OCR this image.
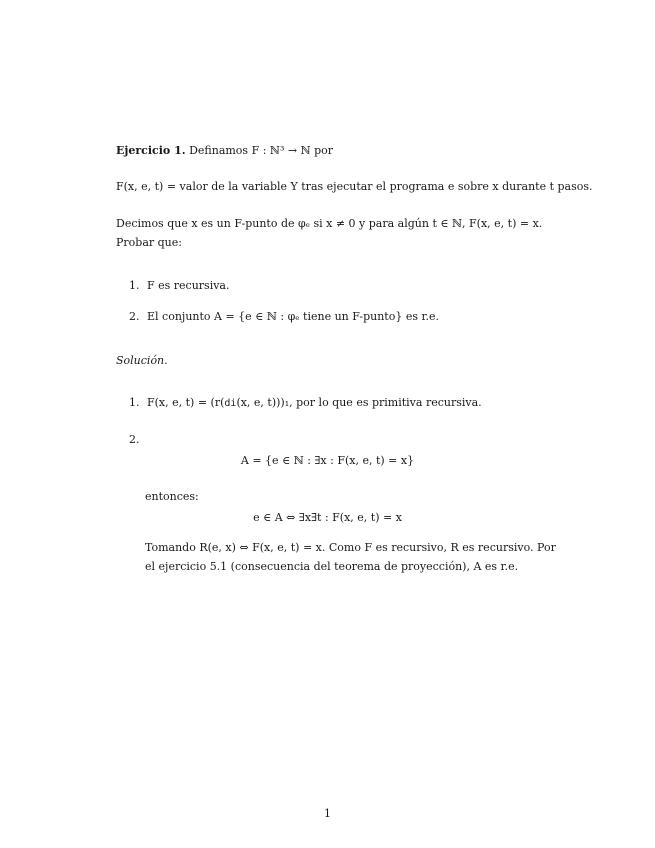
Ejercicio 1. Definamos F : ℕ³ → ℕ por
F(x, e, t) = valor de la variable Y tras ejecutar el programa e sobre x durante t pasos.
Decimos que x es un F-punto de φₑ si x ≠ 0 y para algún t ∈ ℕ, F(x, e, t) = x.
Probar que:
1. F es recursiva.
2. El conjunto A = {e ∈ ℕ : φₑ tiene un F-punto} es r.e.
Solución.
1. F(x, e, t) = (r(di(x, e, t)))₁, por lo que es primitiva recursiva.
2.
A = {e ∈ ℕ : ∃x : F(x, e, t) = x}
entonces:
e ∈ A ⇔ ∃x∃t : F(x, e, t) = x
Tomando R(e, x) ⇔ F(x, e, t) = x. Como F es recursivo, R es recursivo. Por
el ejercicio 5.1 (consecuencia del teorema de proyección), A es r.e.
1
